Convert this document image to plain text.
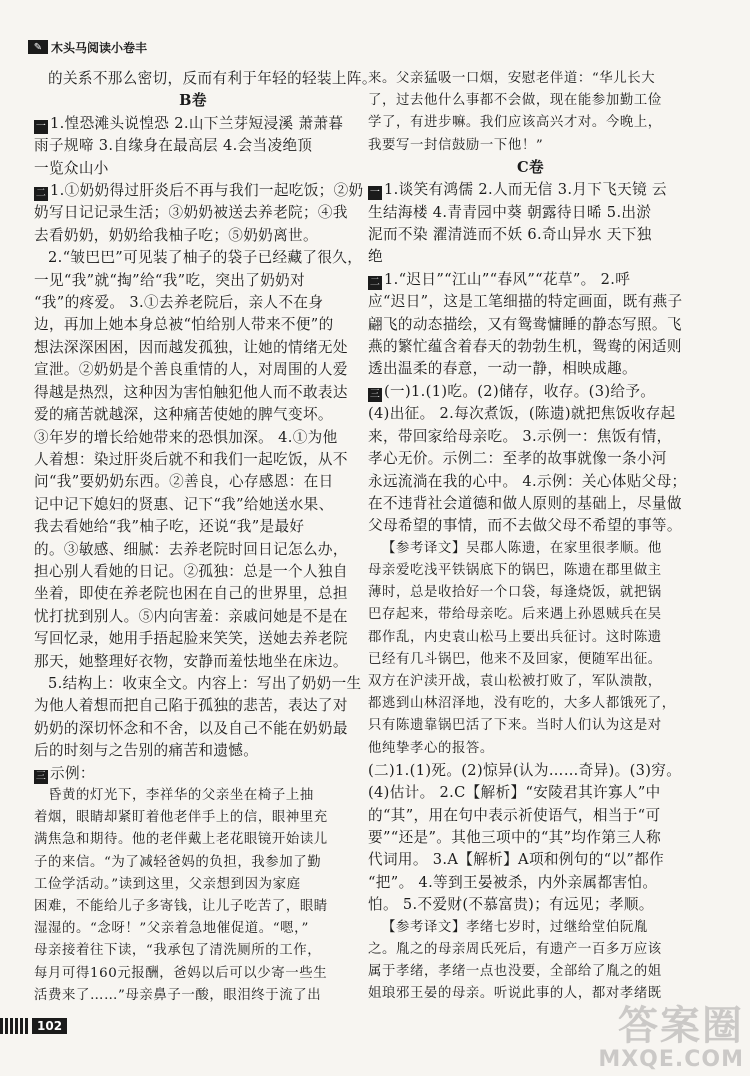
✎ 木头马阅读小卷丰
的关系不那么密切，反而有利于年轻的轻装上阵。
B卷
一 1.惶恐滩头说惶恐 2.山下兰芽短浸溪 萧萧暮
雨子规啼 3.自缘身在最高层 4.会当凌绝顶
一览众山小
二 1.①奶奶得过肝炎后不再与我们一起吃饭；②奶
奶写日记记录生活；③奶奶被送去养老院；④我
去看奶奶，奶奶给我柚子吃；⑤奶奶离世。
2.“皱巴巴”可见装了柚子的袋子已经藏了很久，
一见“我”就“掏”给“我”吃，突出了奶奶对
“我”的疼爱。 3.①去养老院后，亲人不在身
边，再加上她本身总被“怕给别人带来不便”的
想法深深困困，因而越发孤独，让她的情绪无处
宣泄。②奶奶是个善良重情的人，对周围的人爱
得越是热烈，这种因为害怕触犯他人而不敢表达
爱的痛苦就越深，这种痛苦使她的脾气变坏。
③年岁的增长给她带来的恐惧加深。 4.①为他
人着想：染过肝炎后就不和我们一起吃饭，从不
问“我”要奶奶东西。②善良，心存感恩：在日
记中记下媳妇的贤惠、记下“我”给她送水果、
我去看她给“我”柚子吃，还说“我”是最好
的。③敏感、细腻：去养老院时回日记怎么办，
担心别人看她的日记。②孤独：总是一个人独自
坐着，即使在养老院也困在自己的世界里，总担
忧打扰到别人。⑤内向害羞：亲戚问她是不是在
写回忆录，她用手捂起脸来笑笑，送她去养老院
那天，她整理好衣物，安静而羞怯地坐在床边。
5.结构上：收束全文。内容上：写出了奶奶一生
为他人着想而把自己陷于孤独的悲苦，表达了对
奶奶的深切怀念和不舍，以及自己不能在奶奶最
后的时刻与之告别的痛苦和遗憾。
三 示例：
昏黄的灯光下，李祥华的父亲坐在椅子上抽
着烟，眼睛却紧盯着他老伴手上的信，眼神里充
满焦急和期待。他的老伴戴上老花眼镜开始读儿
子的来信。“为了减轻爸妈的负担，我参加了勤
工俭学活动。”读到这里，父亲想到因为家庭
困难，不能给儿子多寄钱，让儿子吃苦了，眼睛
湿湿的。“念呀！”父亲着急地催促道。“嗯，”
母亲接着往下读，“我承包了清洗厕所的工作，
每月可得160元报酬，爸妈以后可以少寄一些生
活费来了……”母亲鼻子一酸，眼泪终于流了出
来。父亲猛吸一口烟，安慰老伴道：“华儿长大
了，过去他什么事都不会做，现在能参加勤工俭
学了，有进步嘛。我们应该高兴才对。今晚上，
我要写一封信鼓励一下他！”
C卷
一 1.谈笑有鸿儒 2.人而无信 3.月下飞天镜 云
生结海楼 4.青青园中葵 朝露待日晞 5.出淤
泥而不染 濯清涟而不妖 6.奇山异水 天下独
绝
二 1.“迟日”“江山”“春风”“花草”。 2.呼
应“迟日”，这是工笔细描的特定画面，既有燕子
翩飞的动态描绘，又有鸳鸯慵睡的静态写照。飞
燕的繁忙蕴含着春天的勃勃生机，鸳鸯的闲适则
透出温柔的春意，一动一静，相映成趣。
三 (一)1.(1)吃。(2)储存，收存。(3)给予。
(4)出征。 2.每次煮饭，(陈遗)就把焦饭收存起
来，带回家给母亲吃。 3.示例一：焦饭有情，
孝心无价。示例二：至孝的故事就像一条小河
永远流淌在我的心中。 4.示例：关心体贴父母；
在不违背社会道德和做人原则的基础上，尽量做
父母希望的事情，而不去做父母不希望的事等。
【参考译文】吴郡人陈遗，在家里很孝顺。他
母亲爱吃浅平铁锅底下的锅巴，陈遗在郡里做主
薄时，总是收拾好一个口袋，每逢烧饭，就把锅
巴存起来，带给母亲吃。后来遇上孙恩贼兵在吴
郡作乱，内史袁山松马上要出兵征讨。这时陈遗
已经有几斗锅巴，他来不及回家，便随军出征。
双方在沪渎开战，袁山松被打败了，军队溃散，
都逃到山林沼泽地，没有吃的，大多人都饿死了，
只有陈遗靠锅巴活了下来。当时人们认为这是对
他纯挚孝心的报答。
(二)1.(1)死。(2)惊异(认为……奇异)。(3)穷。
(4)估计。 2.C【解析】“安陵君其许寡人”中
的“其”，用在句中表示祈使语气，相当于“可
要”“还是”。其他三项中的“其”均作第三人称
代词用。 3.A【解析】A项和例句的“以”都作
“把”。 4.等到王晏被杀，内外亲属都害怕。
怕。 5.不爱财(不慕富贵)；有远见；孝顺。
【参考译文】孝绪七岁时，过继给堂伯阮胤
之。胤之的母亲周氏死后，有遗产一百多万应该
属于孝绪，孝绪一点也没要，全部给了胤之的姐
姐琅邪王晏的母亲。听说此事的人，都对孝绪既
102	答案圈
MXQE.COM
